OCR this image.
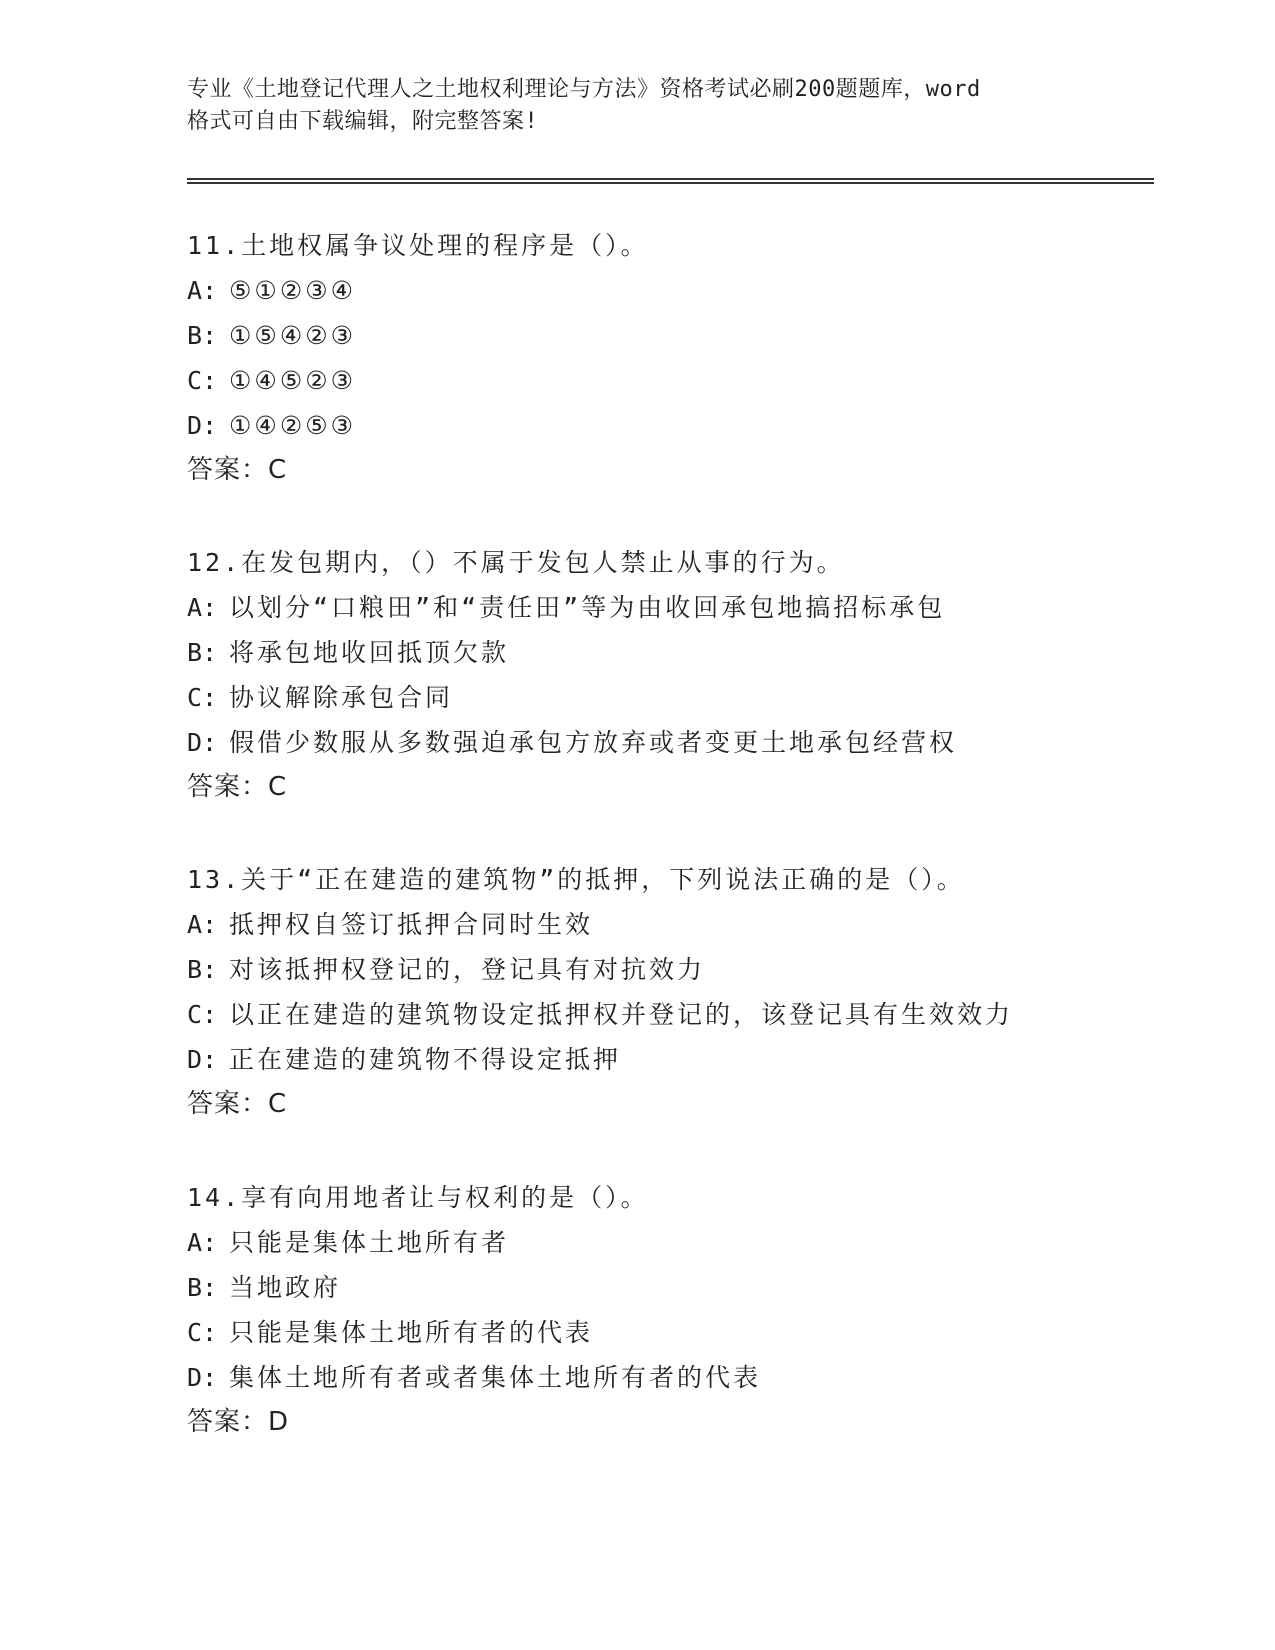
专业《土地登记代理人之土地权利理论与方法》资格考试必刷200题题库，word

格式可自由下载编辑，附完整答案!

11.土地权属争议处理的程序是（）。
A: ⑤①②③④
B: ①⑤④②③
C: ①④⑤②③
D: ①④②⑤③
答案：C
12.在发包期内，（）不属于发包人禁止从事的行为。
A: 以划分“口粮田”和“责任田”等为由收回承包地搞招标承包
B: 将承包地收回抵顶欠款
C: 协议解除承包合同
D: 假借少数服从多数强迫承包方放弃或者变更土地承包经营权
答案：C
13.关于“正在建造的建筑物”的抵押，下列说法正确的是（）。
A: 抵押权自签订抵押合同时生效
B: 对该抵押权登记的，登记具有对抗效力
C: 以正在建造的建筑物设定抵押权并登记的，该登记具有生效效力
D: 正在建造的建筑物不得设定抵押
答案：C
14.享有向用地者让与权利的是（）。
A: 只能是集体土地所有者
B: 当地政府
C: 只能是集体土地所有者的代表
D: 集体土地所有者或者集体土地所有者的代表
答案：D
